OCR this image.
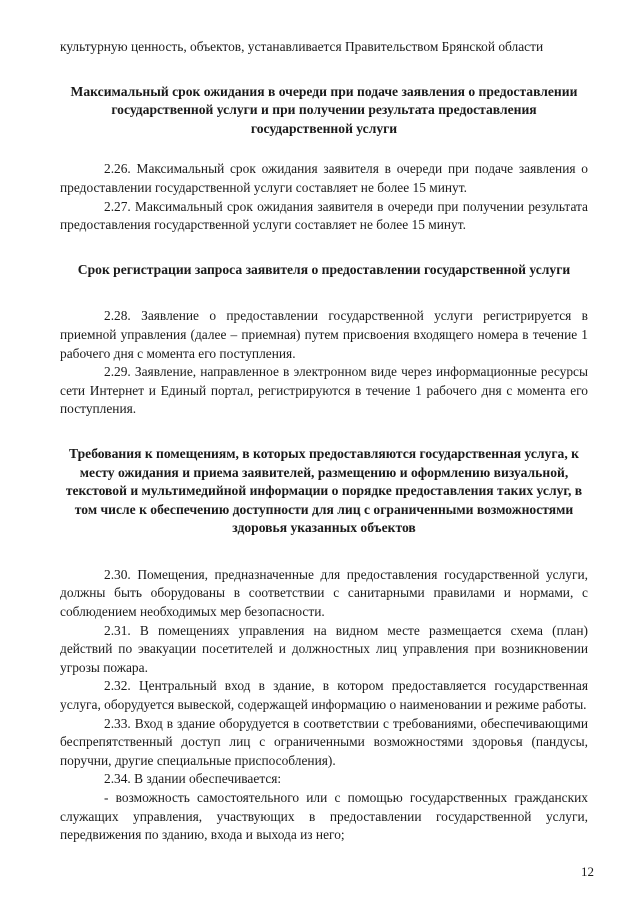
культурную ценность, объектов, устанавливается Правительством Брянской области

Максимальный срок ожидания в очереди при подаче заявления о предоставлении государственной услуги и при получении результата предоставления государственной услуги

2.26. Максимальный срок ожидания заявителя в очереди при подаче заявления о предоставлении государственной услуги составляет не более 15 минут.

2.27. Максимальный срок ожидания заявителя в очереди при получении результата предоставления государственной услуги составляет не более 15 минут.

Срок регистрации запроса заявителя о предоставлении государственной услуги

2.28. Заявление о предоставлении государственной услуги регистрируется в приемной управления (далее – приемная) путем присвоения входящего номера в течение 1 рабочего дня с момента его поступления.

2.29. Заявление, направленное в электронном виде через информационные ресурсы сети Интернет и Единый портал, регистрируются в течение 1 рабочего дня с момента его поступления.

Требования к помещениям, в которых предоставляются государственная услуга, к месту ожидания и приема заявителей, размещению и оформлению визуальной, текстовой и мультимедийной информации о порядке предоставления таких услуг, в том числе к обеспечению доступности для лиц с ограниченными возможностями здоровья указанных объектов

2.30. Помещения, предназначенные для предоставления государственной услуги, должны быть оборудованы в соответствии с санитарными правилами и нормами, с соблюдением необходимых мер безопасности.

2.31. В помещениях управления на видном месте размещается схема (план) действий по эвакуации посетителей и должностных лиц управления при возникновении угрозы пожара.

2.32. Центральный вход в здание, в котором предоставляется государственная услуга, оборудуется вывеской, содержащей информацию о наименовании и режиме работы.

2.33. Вход в здание оборудуется в соответствии с требованиями, обеспечивающими беспрепятственный доступ лиц с ограниченными возможностями здоровья (пандусы, поручни, другие специальные приспособления).

2.34. В здании обеспечивается:

- возможность самостоятельного или с помощью государственных гражданских служащих управления, участвующих в предоставлении государственной услуги, передвижения по зданию, входа и выхода из него;

12
